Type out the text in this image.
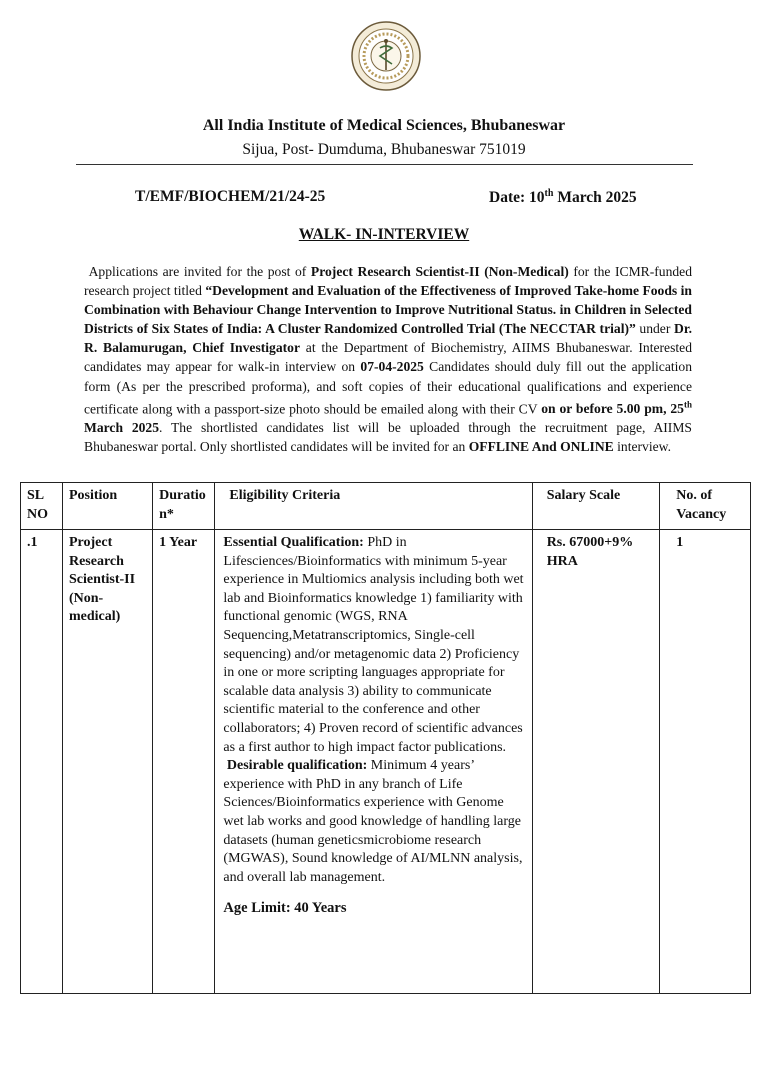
All India Institute of Medical Sciences, Bhubaneswar
Sijua, Post- Dumduma, Bhubaneswar 751019
T/EMF/BIOCHEM/21/24-25	Date: 10th March 2025
WALK- IN-INTERVIEW
Applications are invited for the post of Project Research Scientist-II (Non-Medical) for the ICMR-funded research project titled “Development and Evaluation of the Effectiveness of Improved Take-home Foods in Combination with Behaviour Change Intervention to Improve Nutritional Status. in Children in Selected Districts of Six States of India: A Cluster Randomized Controlled Trial (The NECCTAR trial)” under Dr. R. Balamurugan, Chief Investigator at the Department of Biochemistry, AIIMS Bhubaneswar. Interested candidates may appear for walk-in interview on 07-04-2025 Candidates should duly fill out the application form (As per the prescribed proforma), and soft copies of their educational qualifications and experience certificate along with a passport-size photo should be emailed along with their CV on or before 5.00 pm, 25th March 2025. The shortlisted candidates list will be uploaded through the recruitment page, AIIMS Bhubaneswar portal. Only shortlisted candidates will be invited for an OFFLINE And ONLINE interview.
SL NO	Position	Duration*	Eligibility Criteria	Salary Scale	No. of Vacancy
.1	Project Research Scientist-II (Non-medical)	1 Year	Essential Qualification: PhD in Lifesciences/Bioinformatics with minimum 5-year experience in Multiomics analysis including both wet lab and Bioinformatics knowledge 1) familiarity with functional genomic (WGS, RNA Sequencing,Metatranscriptomics, Single-cell sequencing) and/or metagenomic data 2) Proficiency in one or more scripting languages appropriate for scalable data analysis 3) ability to communicate scientific material to the conference and other collaborators; 4) Proven record of scientific advances as a first author to high impact factor publications.
Desirable qualification: Minimum 4 years’ experience with PhD in any branch of Life Sciences/Bioinformatics experience with Genome wet lab works and good knowledge of handling large datasets (human geneticsmicrobiome research (MGWAS), Sound knowledge of AI/MLNN analysis, and overall lab management.
Age Limit: 40 Years	Rs. 67000+9% HRA	1
